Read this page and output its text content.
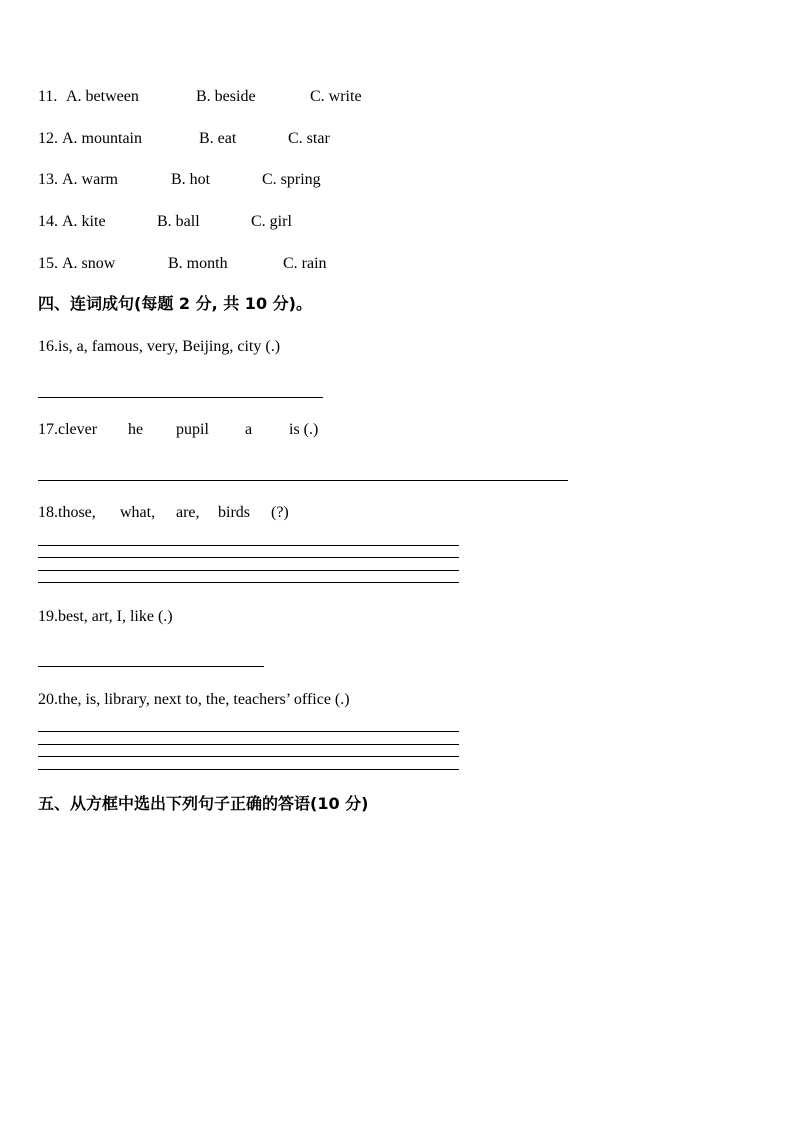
11. A. between	B. beside	C. write
12. A. mountain	B. eat	C. star
13. A. warm	B. hot	C. spring
14. A. kite	B. ball	C. girl
15. A. snow	B. month	C. rain
四、连词成句(每题 2 分, 共 10 分)。
16.is, a, famous, very, Beijing, city (.)
17.clever he pupil a is (.)
18.those, what, are, birds (?)
19.best, art, I, like (.)
20.the, is, library, next to, the, teachers’ office (.)
五、从方框中选出下列句子正确的答语(10 分)
